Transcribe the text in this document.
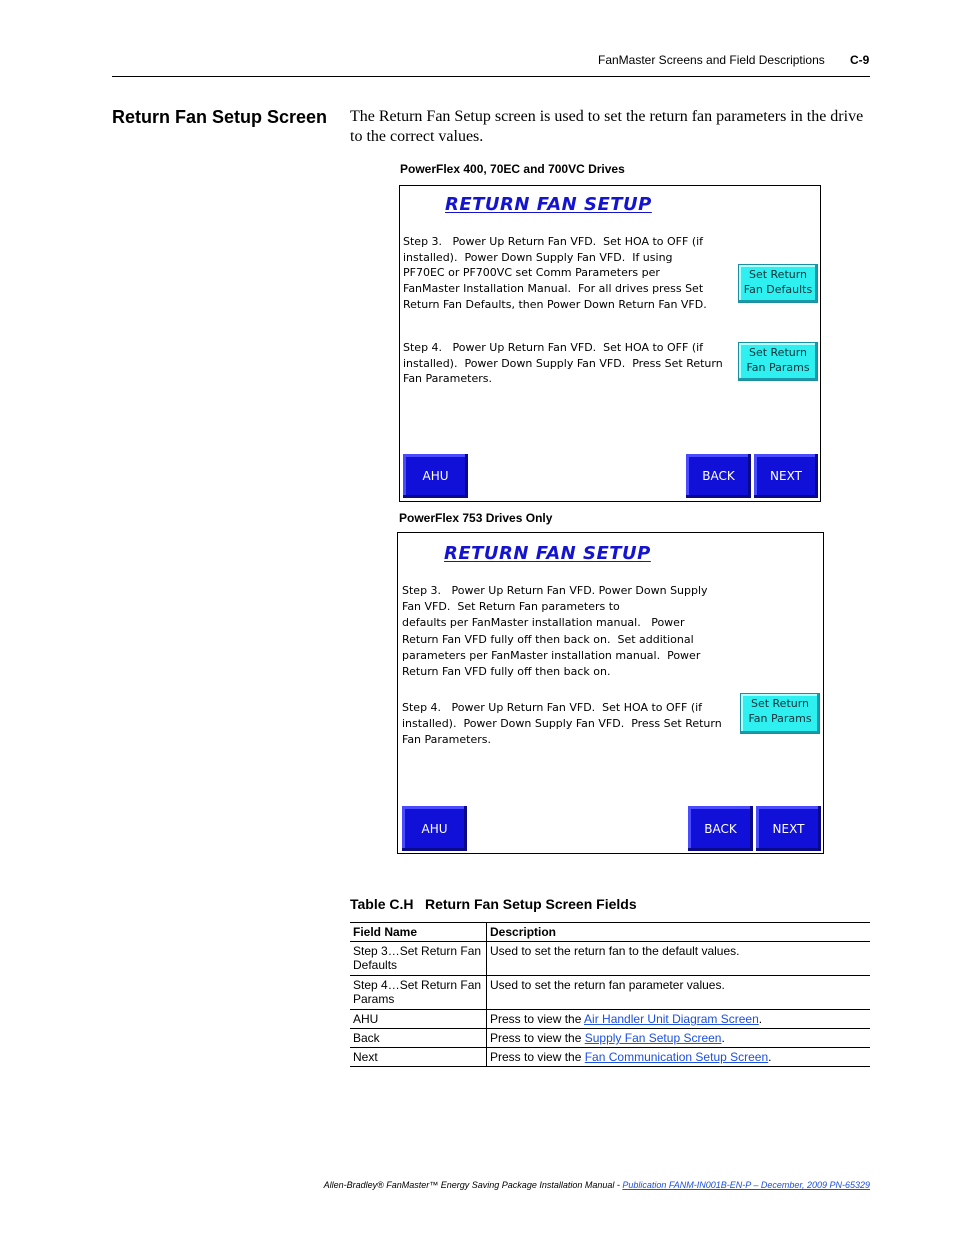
FanMaster Screens and Field Descriptions C-9
Return Fan Setup Screen The Return Fan Setup screen is used to set the return fan parameters in the drive to the correct values.

PowerFlex 400, 70EC and 700VC Drives
RETURN FAN SETUP
Step 3.   Power Up Return Fan VFD.  Set HOA to OFF (if
installed).  Power Down Supply Fan VFD.  If using
PF70EC or PF700VC set Comm Parameters per
FanMaster Installation Manual.  For all drives press Set
Return Fan Defaults, then Power Down Return Fan VFD.
Set Return
Fan Defaults
Step 4.   Power Up Return Fan VFD.  Set HOA to OFF (if
installed).  Power Down Supply Fan VFD.  Press Set Return
Fan Parameters.
Set Return
Fan Params
AHU	BACK	NEXT
PowerFlex 753 Drives Only
RETURN FAN SETUP
Step 3.   Power Up Return Fan VFD. Power Down Supply
Fan VFD.  Set Return Fan parameters to
defaults per FanMaster installation manual.   Power
Return Fan VFD fully off then back on.  Set additional
parameters per FanMaster installation manual.  Power
Return Fan VFD fully off then back on.
Step 4.   Power Up Return Fan VFD.  Set HOA to OFF (if
installed).  Power Down Supply Fan VFD.  Press Set Return
Fan Parameters.
Set Return
Fan Params
AHU	BACK	NEXT
Table C.H Return Fan Setup Screen Fields
Field Name	Description
Step 3…Set Return Fan Defaults	Used to set the return fan to the default values.
Step 4…Set Return Fan Params	Used to set the return fan parameter values.
AHU	Press to view the Air Handler Unit Diagram Screen.
Back	Press to view the Supply Fan Setup Screen.
Next	Press to view the Fan Communication Setup Screen.
Allen-Bradley® FanMaster™ Energy Saving Package Installation Manual - Publication FANM-IN001B-EN-P – December, 2009 PN-65329
